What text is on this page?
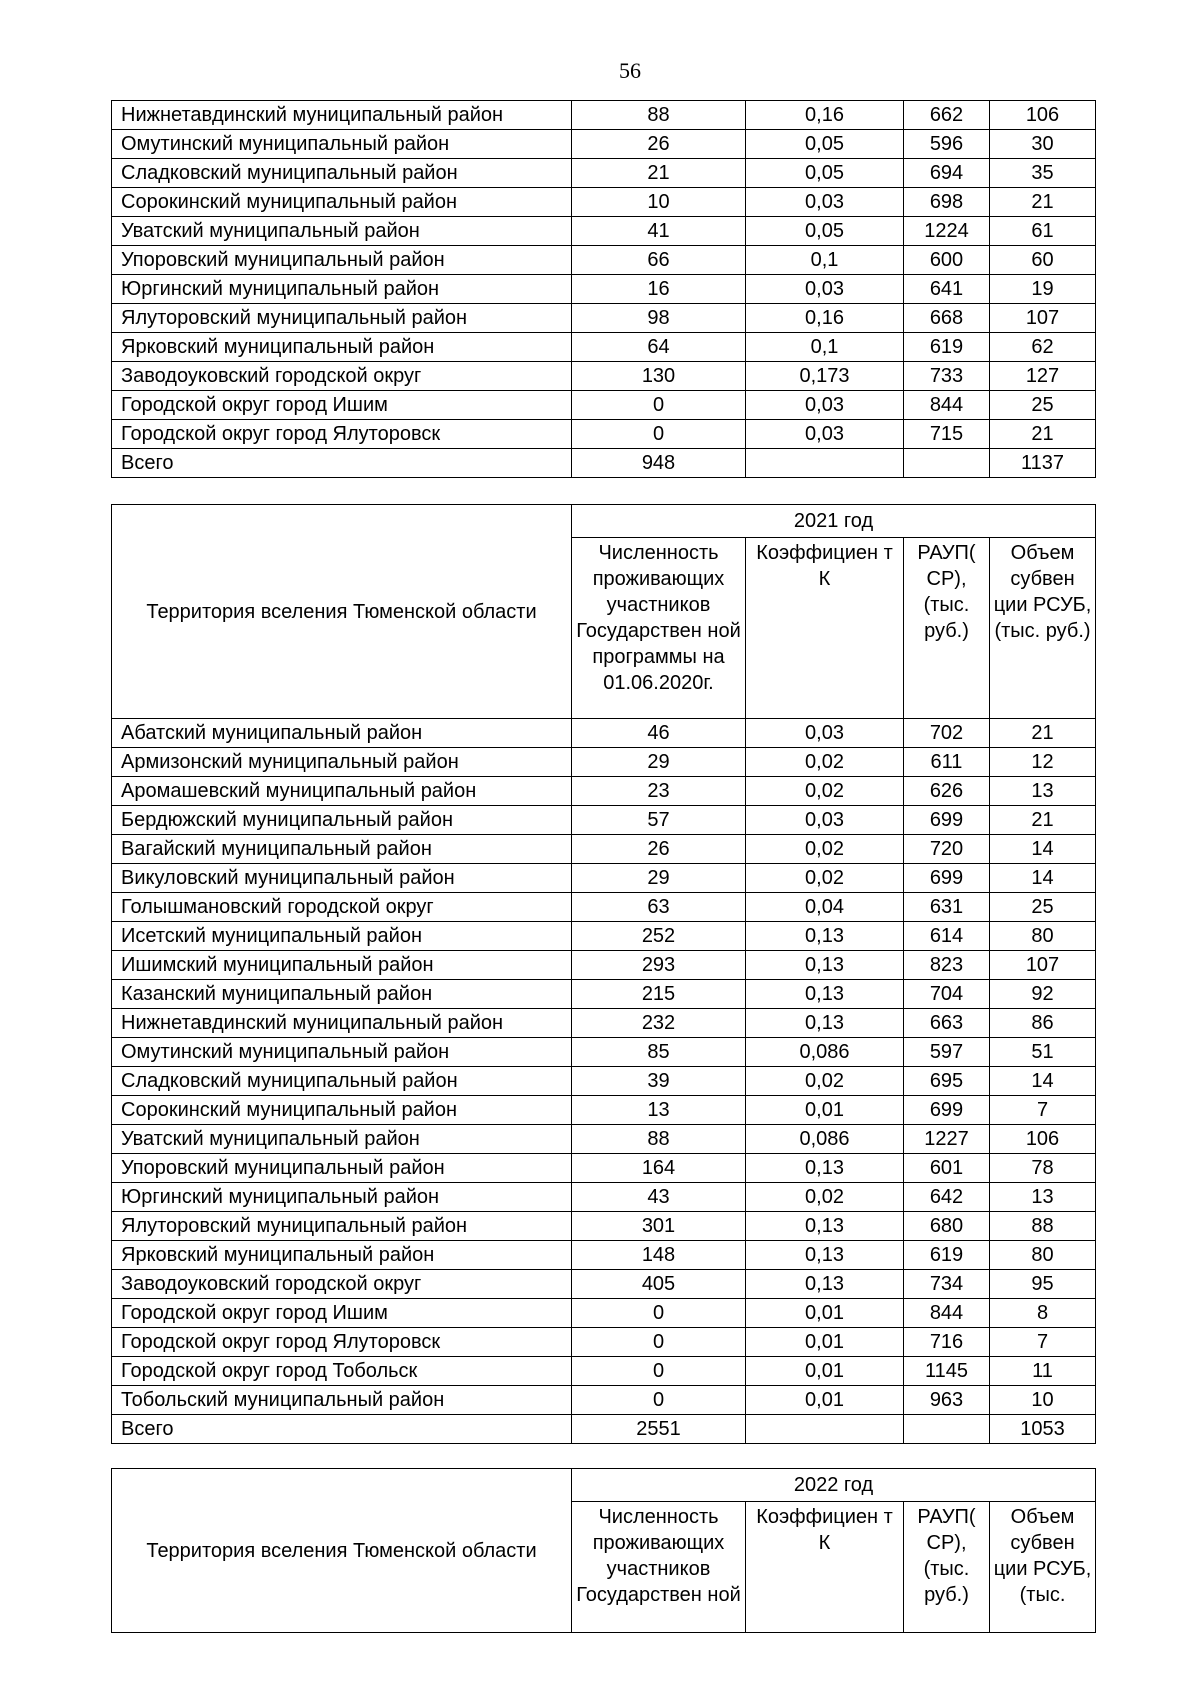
56
Нижнетавдинский муниципальный район	88	0,16	662	106
Омутинский муниципальный район	26	0,05	596	30
Сладковский муниципальный район	21	0,05	694	35
Сорокинский муниципальный район	10	0,03	698	21
Уватский муниципальный район	41	0,05	1224	61
Упоровский муниципальный район	66	0,1	600	60
Юргинский муниципальный район	16	0,03	641	19
Ялуторовский муниципальный район	98	0,16	668	107
Ярковский муниципальный район	64	0,1	619	62
Заводоуковский городской округ	130	0,173	733	127
Городской округ город Ишим	0	0,03	844	25
Городской округ город Ялуторовск	0	0,03	715	21
Всего	948			1137
Территория вселения Тюменской области	2021 год			
	Численность проживающих участников Государствен ной программы на 01.06.2020г.	Коэффициен т К	РАУП( СР), (тыс. руб.)	Объем субвен ции РСУБ, (тыс. руб.)
Абатский муниципальный район	46	0,03	702	21
Армизонский муниципальный район	29	0,02	611	12
Аромашевский муниципальный район	23	0,02	626	13
Бердюжский муниципальный район	57	0,03	699	21
Вагайский муниципальный район	26	0,02	720	14
Викуловский муниципальный район	29	0,02	699	14
Голышмановский городской округ	63	0,04	631	25
Исетский муниципальный район	252	0,13	614	80
Ишимский муниципальный район	293	0,13	823	107
Казанский муниципальный район	215	0,13	704	92
Нижнетавдинский муниципальный район	232	0,13	663	86
Омутинский муниципальный район	85	0,086	597	51
Сладковский муниципальный район	39	0,02	695	14
Сорокинский муниципальный район	13	0,01	699	7
Уватский муниципальный район	88	0,086	1227	106
Упоровский муниципальный район	164	0,13	601	78
Юргинский муниципальный район	43	0,02	642	13
Ялуторовский муниципальный район	301	0,13	680	88
Ярковский муниципальный район	148	0,13	619	80
Заводоуковский городской округ	405	0,13	734	95
Городской округ город Ишим	0	0,01	844	8
Городской округ город Ялуторовск	0	0,01	716	7
Городской округ город Тобольск	0	0,01	1145	11
Тобольский муниципальный район	0	0,01	963	10
Всего	2551			1053
Территория вселения Тюменской области	2022 год			
	Численность проживающих участников Государствен ной	Коэффициен т К	РАУП( СР), (тыс. руб.)	Объем субвен ции РСУБ, (тыс.
